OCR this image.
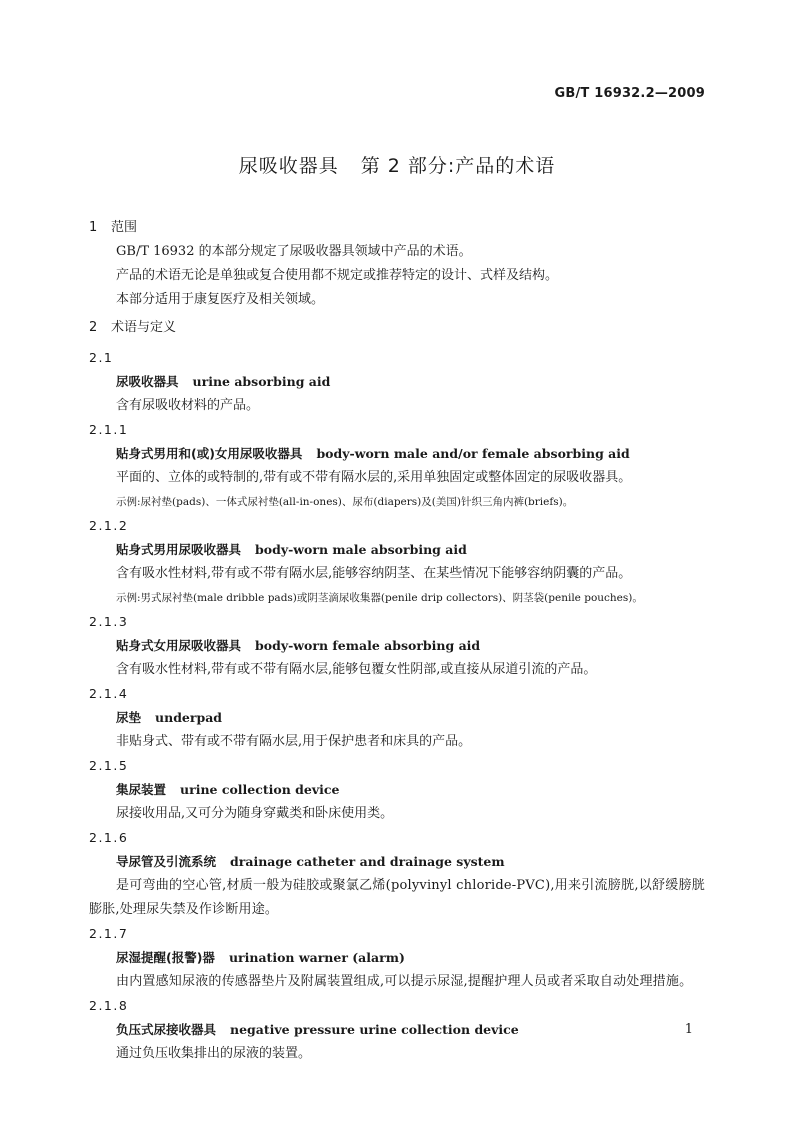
GB/T 16932.2—2009
尿吸收器具 第 2 部分:产品的术语
1 范围
GB/T 16932 的本部分规定了尿吸收器具领域中产品的术语。
产品的术语无论是单独或复合使用都不规定或推荐特定的设计、式样及结构。
本部分适用于康复医疗及相关领域。
2 术语与定义
2.1
尿吸收器具 urine absorbing aid
含有尿吸收材料的产品。
2.1.1
贴身式男用和(或)女用尿吸收器具 body-worn male and/or female absorbing aid
平面的、立体的或特制的,带有或不带有隔水层的,采用单独固定或整体固定的尿吸收器具。
示例:尿衬垫(pads)、一体式尿衬垫(all-in-ones)、尿布(diapers)及(美国)针织三角内裤(briefs)。
2.1.2
贴身式男用尿吸收器具 body-worn male absorbing aid
含有吸水性材料,带有或不带有隔水层,能够容纳阴茎、在某些情况下能够容纳阴囊的产品。
示例:男式尿衬垫(male dribble pads)或阴茎滴尿收集器(penile drip collectors)、阴茎袋(penile pouches)。
2.1.3
贴身式女用尿吸收器具 body-worn female absorbing aid
含有吸水性材料,带有或不带有隔水层,能够包覆女性阴部,或直接从尿道引流的产品。
2.1.4
尿垫 underpad
非贴身式、带有或不带有隔水层,用于保护患者和床具的产品。
2.1.5
集尿装置 urine collection device
尿接收用品,又可分为随身穿戴类和卧床使用类。
2.1.6
导尿管及引流系统 drainage catheter and drainage system

是可弯曲的空心管,材质一般为硅胶或聚氯乙烯(polyvinyl chloride-PVC),用来引流膀胱,以舒缓膀胱膨胀,处理尿失禁及作诊断用途。

2.1.7
尿湿提醒(报警)器 urination warner (alarm)

由内置感知尿液的传感器垫片及附属装置组成,可以提示尿湿,提醒护理人员或者采取自动处理措施。

2.1.8
负压式尿接收器具 negative pressure urine collection device
通过负压收集排出的尿液的装置。
1
